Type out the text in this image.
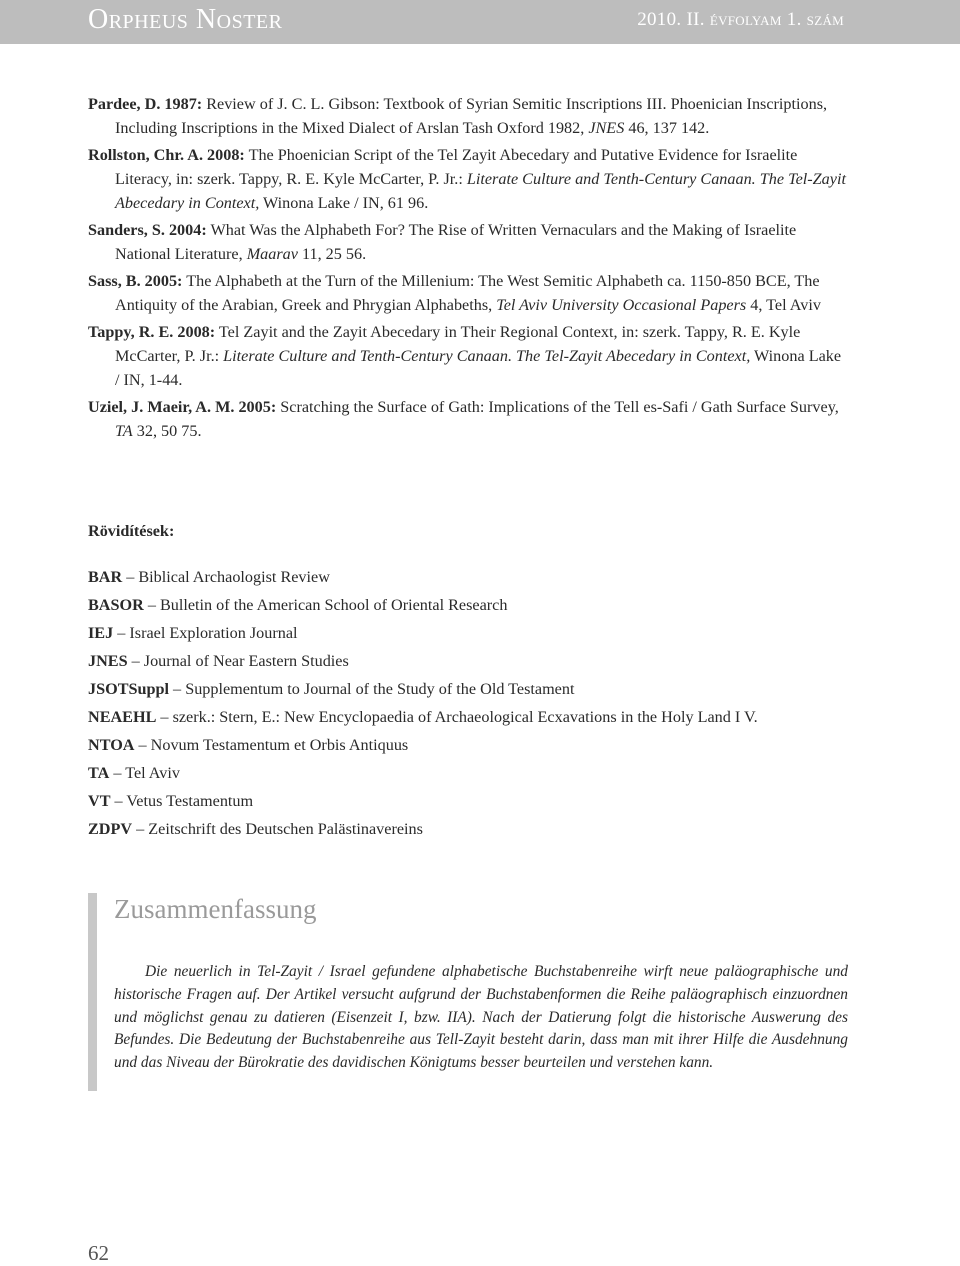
Orpheus Noster	2010. II. évfolyam 1. szám

Pardee, D. 1987: Review of J. C. L. Gibson: Textbook of Syrian Semitic Inscriptions III. Phoenician Inscriptions, Including Inscriptions in the Mixed Dialect of Arslan Tash Oxford 1982, JNES 46, 137 142.

Rollston, Chr. A. 2008: The Phoenician Script of the Tel Zayit Abecedary and Putative Evidence for Israelite Literacy, in: szerk. Tappy, R. E. Kyle McCarter, P. Jr.: Literate Culture and Tenth-Century Canaan. The Tel-Zayit Abecedary in Context, Winona Lake / IN, 61 96.

Sanders, S. 2004: What Was the Alphabeth For? The Rise of Written Vernaculars and the Making of Israelite National Literature, Maarav 11, 25 56.

Sass, B. 2005: The Alphabeth at the Turn of the Millenium: The West Semitic Alphabeth ca. 1150-850 BCE, The Antiquity of the Arabian, Greek and Phrygian Alphabeths, Tel Aviv University Occasional Papers 4, Tel Aviv

Tappy, R. E. 2008: Tel Zayit and the Zayit Abecedary in Their Regional Context, in: szerk. Tappy, R. E. Kyle McCarter, P. Jr.: Literate Culture and Tenth-Century Canaan. The Tel-Zayit Abecedary in Context, Winona Lake / IN, 1-44.

Uziel, J. Maeir, A. M. 2005: Scratching the Surface of Gath: Implications of the Tell es-Safi / Gath Surface Survey, TA 32, 50 75.

Rövidítések:
BAR – Biblical Archaologist Review
BASOR – Bulletin of the American School of Oriental Research
IEJ – Israel Exploration Journal
JNES – Journal of Near Eastern Studies
JSOTSuppl – Supplementum to Journal of the Study of the Old Testament
NEAEHL – szerk.: Stern, E.: New Encyclopaedia of Archaeological Ecxavations in the Holy Land I V.
NTOA – Novum Testamentum et Orbis Antiquus
TA – Tel Aviv
VT – Vetus Testamentum
ZDPV – Zeitschrift des Deutschen Palästinavereins
Zusammenfassung
Die neuerlich in Tel-Zayit / Israel gefundene alphabetische Buchstabenreihe wirft neue paläographische und historische Fragen auf. Der Artikel versucht aufgrund der Buchstabenformen die Reihe paläographisch einzuordnen und möglichst genau zu datieren (Eisenzeit I, bzw. IIA). Nach der Datierung folgt die historische Auswerung des Befundes. Die Bedeutung der Buchstabenreihe aus Tell-Zayit besteht darin, dass man mit ihrer Hilfe die Ausdehnung und das Niveau der Bürokratie des davidischen Königtums besser beurteilen und verstehen kann.
62
